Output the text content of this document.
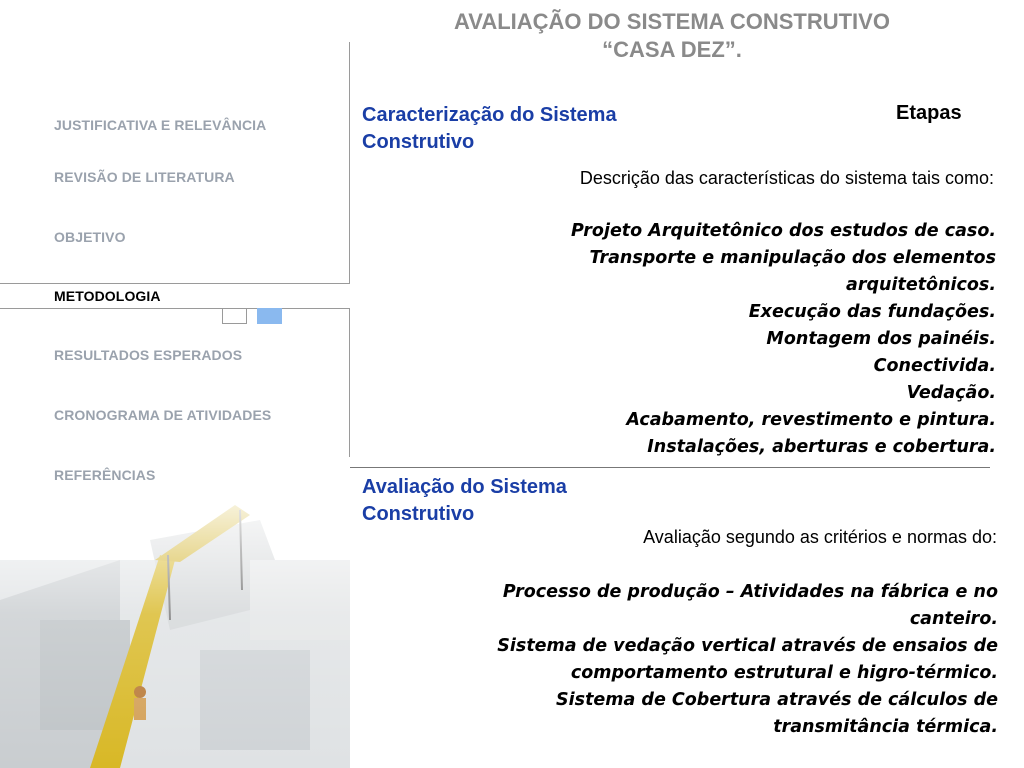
AVALIAÇÃO DO SISTEMA CONSTRUTIVO
“CASA DEZ”.
JUSTIFICATIVA E RELEVÂNCIA
REVISÃO DE LITERATURA
OBJETIVO
METODOLOGIA
RESULTADOS ESPERADOS
CRONOGRAMA DE ATIVIDADES
REFERÊNCIAS
Caracterização do Sistema
Construtivo
Etapas
Descrição das características do sistema tais como:
Projeto Arquitetônico dos estudos de caso.
Transporte e manipulação dos elementos
arquitetônicos.
Execução das fundações.
Montagem dos painéis.
Conectivida.
Vedação.
Acabamento, revestimento e pintura.
Instalações, aberturas e cobertura.
Avaliação do Sistema
Construtivo
Avaliação segundo as critérios e normas do:
Processo de produção – Atividades na fábrica e no
canteiro.
Sistema de vedação vertical através de ensaios de
comportamento estrutural e higro-térmico.
Sistema de Cobertura através de cálculos de
transmitância térmica.
